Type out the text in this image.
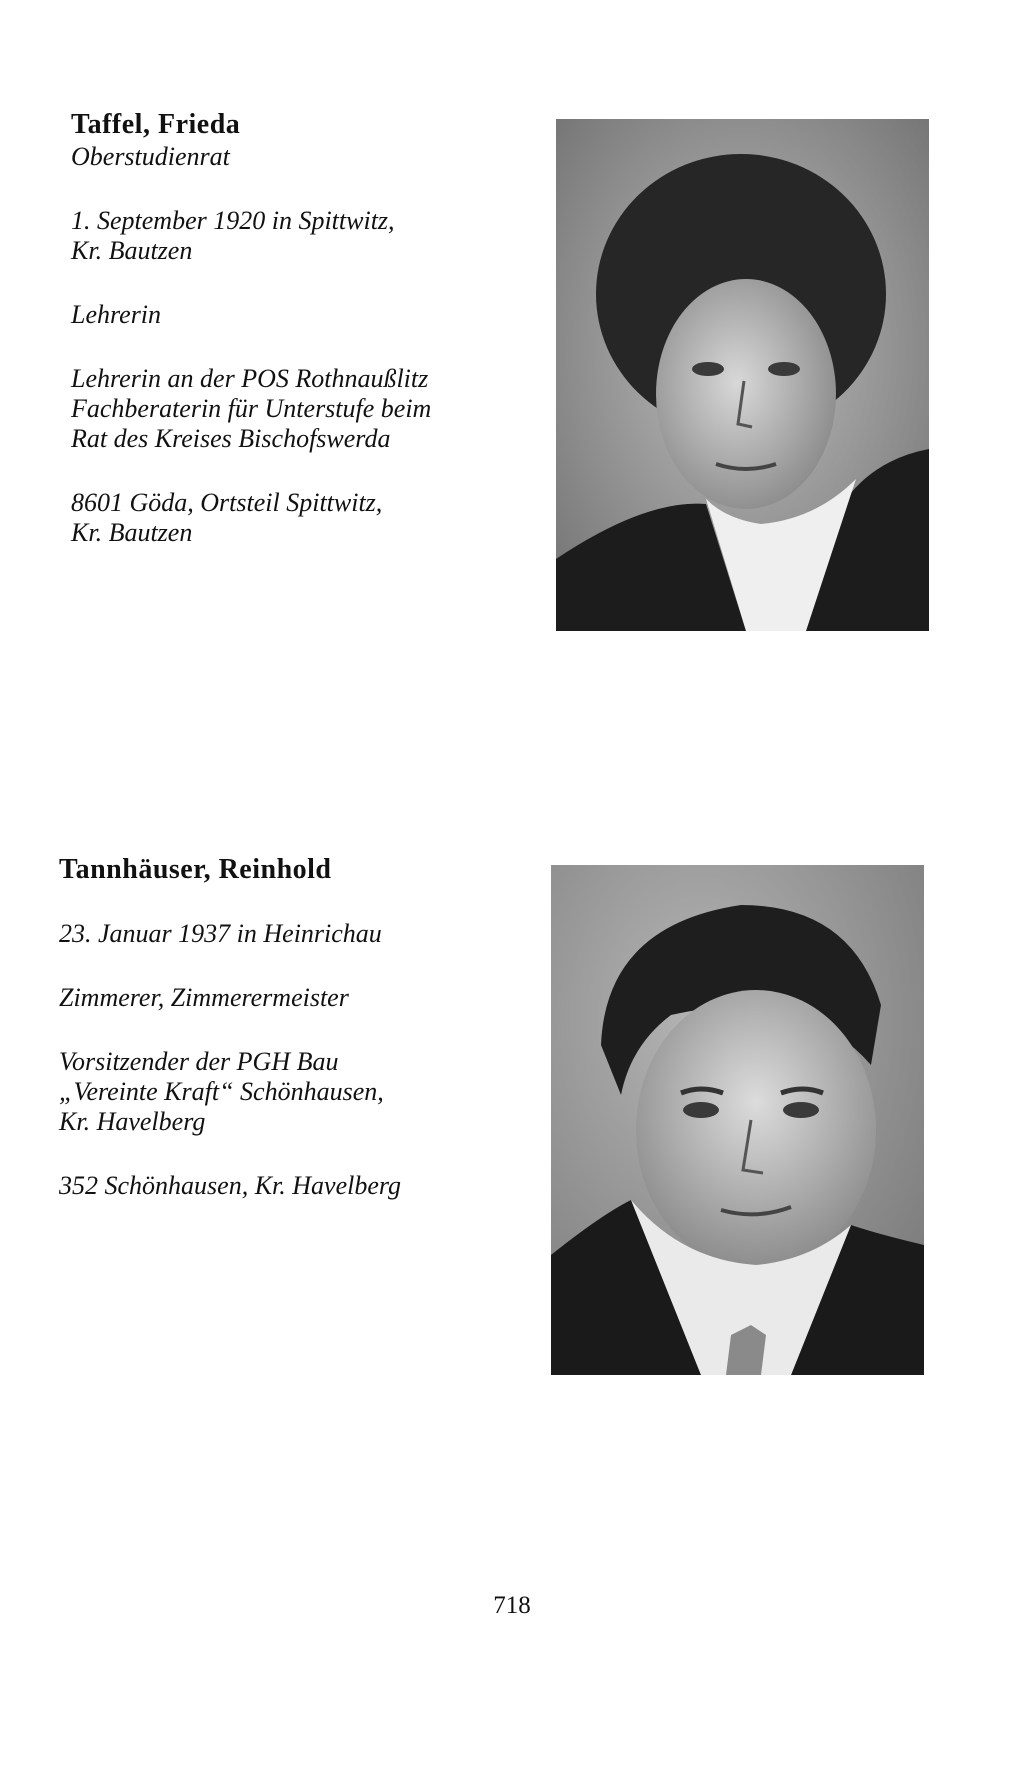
Taffel, Frieda

Oberstudienrat

1. September 1920 in Spittwitz,

Kr. Bautzen

Lehrerin

Lehrerin an der POS Rothnaußlitz

Fachberaterin für Unterstufe beim

Rat des Kreises Bischofswerda

8601 Göda, Ortsteil Spittwitz,

Kr. Bautzen

Tannhäuser, Reinhold

23. Januar 1937 in Heinrichau

Zimmerer, Zimmerermeister

Vorsitzender der PGH Bau

„Vereinte Kraft“ Schönhausen,

Kr. Havelberg

352 Schönhausen, Kr. Havelberg

718
